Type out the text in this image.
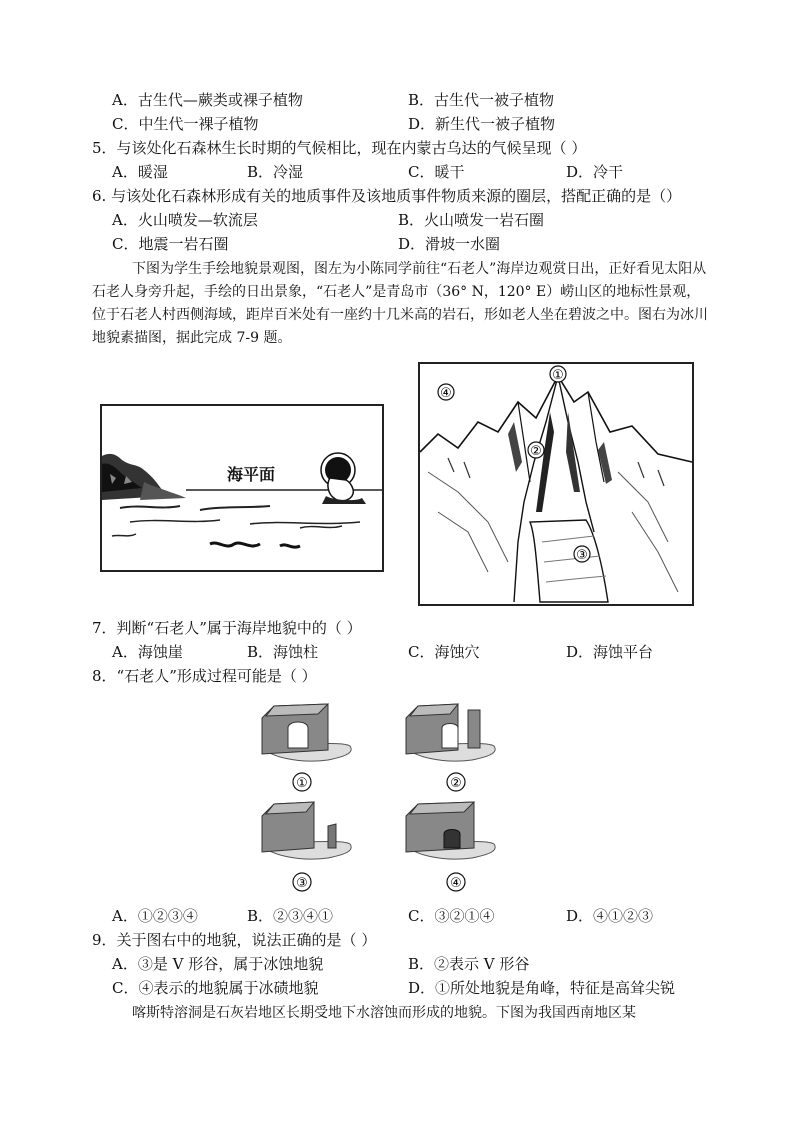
A．古生代—蕨类或裸子植物	B．古生代一被子植物
C．中生代一裸子植物	D．新生代一被子植物
5．与该处化石森林生长时期的气候相比，现在内蒙古乌达的气候呈现（ ）
A．暖湿	B．冷湿	C．暖干	D．冷干
6. 与该处化石森林形成有关的地质事件及该地质事件物质来源的圈层，搭配正确的是（）
A．火山喷发—软流层	B．火山喷发一岩石圈
C．地震一岩石圈	D．滑坡一水圈
下图为学生手绘地貌景观图，图左为小陈同学前往“石老人”海岸边观赏日出，正好看见太阳从石老人身旁升起，手绘的日出景象，“石老人”是青岛市（36° N，120° E）崂山区的地标性景观，位于石老人村西侧海域，距岸百米处有一座约十几米高的岩石，形如老人坐在碧波之中。图右为冰川地貌素描图，据此完成 7-9 题。
海平面
④
①
②
③
7．判断“石老人”属于海岸地貌中的（ ）
A．海蚀崖	B．海蚀柱	C．海蚀穴	D．海蚀平台
8．“石老人”形成过程可能是（ ）
①	②
③	④
A．①②③④	B．②③④①	C．③②①④	D．④①②③
9．关于图右中的地貌，说法正确的是（ ）
A．③是 V 形谷，属于冰蚀地貌	B．②表示 V 形谷
C．④表示的地貌属于冰碛地貌	D．①所处地貌是角峰，特征是高耸尖锐
喀斯特溶洞是石灰岩地区长期受地下水溶蚀而形成的地貌。下图为我国西南地区某
